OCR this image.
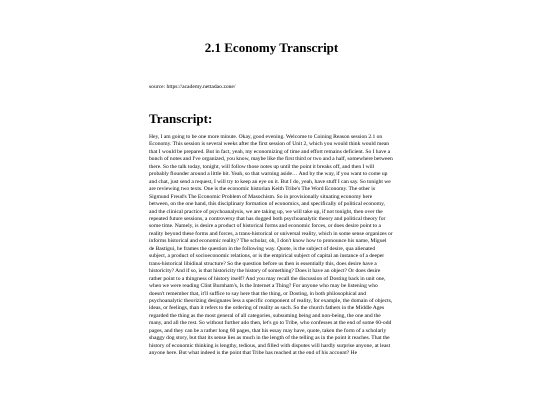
2.1 Economy Transcript
source: https://academy.nettadao.zone/
Transcript:
Hey, I am going to be one more minute. Okay, good evening. Welcome to Coining Reason session 2.1 on Economy. This session is several weeks after the first session of Unit 2, which you would think would mean that I would be prepared. But in fact, yeah, my economizing of time and effort remains deficient. So I have a bunch of notes and I've organized, you know, maybe like the first third or two and a half, somewhere between there. So the talk today, tonight, will follow those notes up until the point it breaks off, and then I will probably flounder around a little bit. Yeah, so that warning aside… And by the way, if you want to come up and chat, just send a request, I will try to keep an eye on it. But I do, yeah, have stuff I can say. So tonight we are reviewing two texts. One is the economic historian Keith Tribe's The Word Economy. The other is Sigmund Freud's The Economic Problem of Masochism. So in provisionally situating economy here between, on the one hand, this disciplinary formation of economics, and specifically of political economy, and the clinical practice of psychoanalysis, we are taking up, we will take up, if not tonight, then over the repeated future sessions, a controversy that has dogged both psychoanalytic theory and political theory for some time. Namely, is desire a product of historical forms and economic forces, or does desire point to a reality beyond these forms and forces, a trans-historical or universal reality, which in some sense organizes or informs historical and economic reality? The scholar, oh, I don't know how to pronounce his name, Miguel de Bastigui, he frames the question in the following way. Quote, is the subject of desire, qua alienated subject, a product of socioeconomic relations, or is the empirical subject of capital an instance of a deeper trans-historical libidinal structure? So the question before us then is essentially this, does desire have a historicity? And if so, is that historicity the history of something? Does it have an object? Or does desire rather point to a thingness of history itself? And you may recall the discussion of Dosting back in unit one, when we were reading Clint Burnham's, Is the Internet a Thing? For anyone who may be listening who doesn't remember that, it'll suffice to say here that the thing, or Dosting, in both philosophical and psychoanalytic theorizing designates less a specific component of reality, for example, the domain of objects, ideas, or feelings, than it refers to the ordering of reality as such. So the church fathers in the Middle Ages regarded the thing as the most general of all categories, subsuming being and non-being, the one and the many, and all the rest. So without further ado then, let's go to Tribe, who confesses at the end of some 60-odd pages, and they can be a rather long 60 pages, that his essay may have, quote, taken the form of a scholarly shaggy dog story, but that its sense lies as much in the length of the telling as in the point it reaches. That the history of economic thinking is lengthy, tedious, and filled with disputes will hardly surprise anyone, at least anyone here. But what indeed is the point that Tribe has reached at the end of his account? He
